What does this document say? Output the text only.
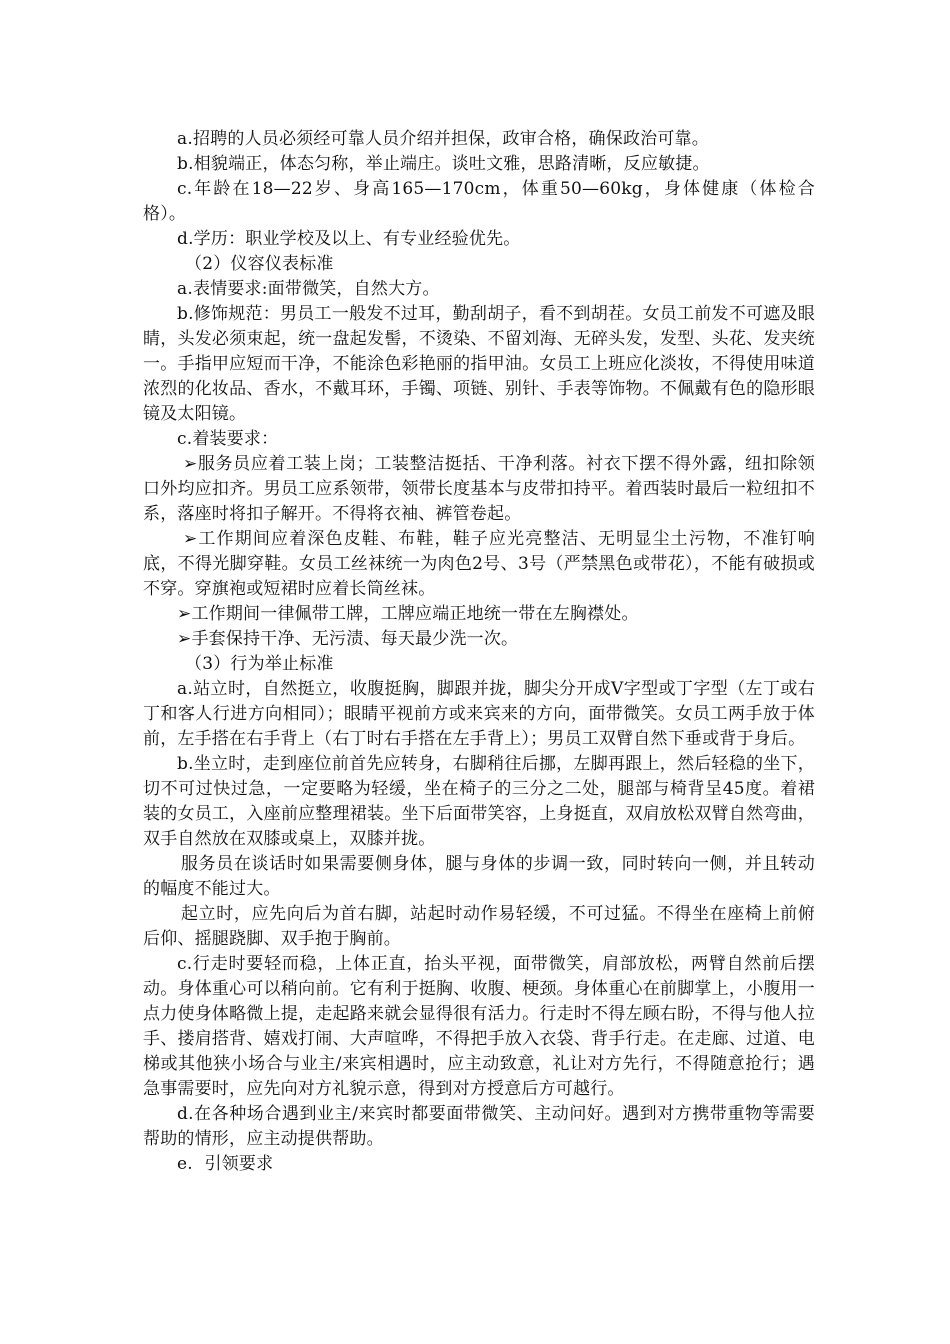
a.招聘的人员必须经可靠人员介绍并担保，政审合格，确保政治可靠。

b.相貌端正，体态匀称，举止端庄。谈吐文雅，思路清晰，反应敏捷。

c.年龄在18—22岁、身高165—170cm，体重50—60kg，身体健康（体检合格）。

d.学历：职业学校及以上、有专业经验优先。

（2）仪容仪表标准

a.表情要求:面带微笑，自然大方。

b.修饰规范：男员工一般发不过耳，勤刮胡子，看不到胡茬。女员工前发不可遮及眼睛，头发必须束起，统一盘起发髻，不烫染、不留刘海、无碎头发，发型、头花、发夹统一。手指甲应短而干净，不能涂色彩艳丽的指甲油。女员工上班应化淡妆，不得使用味道浓烈的化妆品、香水，不戴耳环，手镯、项链、别针、手表等饰物。不佩戴有色的隐形眼镜及太阳镜。

c.着装要求：

➢服务员应着工装上岗；工装整洁挺括、干净利落。衬衣下摆不得外露，纽扣除领口外均应扣齐。男员工应系领带，领带长度基本与皮带扣持平。着西装时最后一粒纽扣不系，落座时将扣子解开。不得将衣袖、裤管卷起。

➢工作期间应着深色皮鞋、布鞋，鞋子应光亮整洁、无明显尘土污物，不准钉响底，不得光脚穿鞋。女员工丝袜统一为肉色2号、3号（严禁黑色或带花），不能有破损或不穿。穿旗袍或短裙时应着长筒丝袜。

➢工作期间一律佩带工牌，工牌应端正地统一带在左胸襟处。

➢手套保持干净、无污渍、每天最少洗一次。

（3）行为举止标准

a.站立时，自然挺立，收腹挺胸，脚跟并拢，脚尖分开成V字型或丁字型（左丁或右丁和客人行进方向相同）；眼睛平视前方或来宾来的方向，面带微笑。女员工两手放于体前，左手搭在右手背上（右丁时右手搭在左手背上）；男员工双臂自然下垂或背于身后。

b.坐立时，走到座位前首先应转身，右脚稍往后挪，左脚再跟上，然后轻稳的坐下，切不可过快过急，一定要略为轻缓，坐在椅子的三分之二处，腿部与椅背呈45度。着裙装的女员工，入座前应整理裙装。坐下后面带笑容，上身挺直，双肩放松双臂自然弯曲，双手自然放在双膝或桌上，双膝并拢。

服务员在谈话时如果需要侧身体，腿与身体的步调一致，同时转向一侧，并且转动的幅度不能过大。

起立时，应先向后为首右脚，站起时动作易轻缓，不可过猛。不得坐在座椅上前俯后仰、摇腿跷脚、双手抱于胸前。

c.行走时要轻而稳，上体正直，抬头平视，面带微笑，肩部放松，两臂自然前后摆动。身体重心可以稍向前。它有利于挺胸、收腹、梗颈。身体重心在前脚掌上，小腹用一点力使身体略微上提，走起路来就会显得很有活力。行走时不得左顾右盼，不得与他人拉手、搂肩搭背、嬉戏打闹、大声喧哗，不得把手放入衣袋、背手行走。在走廊、过道、电梯或其他狭小场合与业主/来宾相遇时，应主动致意，礼让对方先行，不得随意抢行；遇急事需要时，应先向对方礼貌示意，得到对方授意后方可越行。

d.在各种场合遇到业主/来宾时都要面带微笑、主动问好。遇到对方携带重物等需要帮助的情形，应主动提供帮助。

e. 引领要求
